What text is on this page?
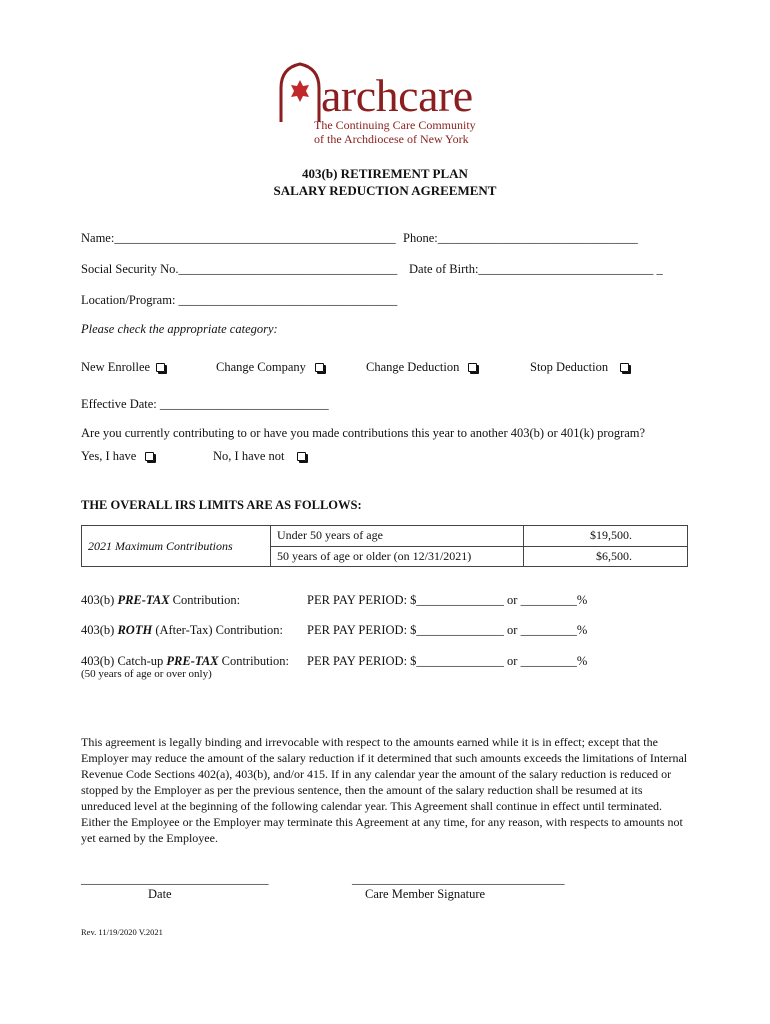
archcare
The Continuing Care Community
of the Archdiocese of New York
403(b) RETIREMENT PLAN
SALARY REDUCTION AGREEMENT
Name:_____________________________________________ Phone:________________________________
Social Security No.___________________________________ Date of Birth:____________________________ _
Location/Program: ___________________________________
Please check the appropriate category:
New Enrollee	Change Company	Change Deduction	Stop Deduction
Effective Date: ___________________________
Are you currently contributing to or have you made contributions this year to another 403(b) or 401(k) program?
Yes, I have	No, I have not
THE OVERALL IRS LIMITS ARE AS FOLLOWS:
2021 Maximum Contributions	Under 50 years of age	$19,500.
	50 years of age or older (on 12/31/2021)	$6,500.
403(b) PRE-TAX Contribution:	PER PAY PERIOD: $______________ or _________%
403(b) ROTH (After-Tax) Contribution: PER PAY PERIOD: $______________ or _________%
403(b) Catch-up PRE-TAX Contribution: PER PAY PERIOD: $______________ or _________%
(50 years of age or over only)
This agreement is legally binding and irrevocable with respect to the amounts earned while it is in effect; except that the Employer may reduce the amount of the salary reduction if it determined that such amounts exceeds the limitations of Internal Revenue Code Sections 402(a), 403(b), and/or 415. If in any calendar year the amount of the salary reduction is reduced or stopped by the Employer as per the previous sentence, then the amount of the salary reduction shall be resumed at its unreduced level at the beginning of the following calendar year. This Agreement shall continue in effect until terminated. Either the Employee or the Employer may terminate this Agreement at any time, for any reason, with respects to amounts not yet earned by the Employee.
______________________________
Date
__________________________________
Care Member Signature
Rev. 11/19/2020 V.2021
